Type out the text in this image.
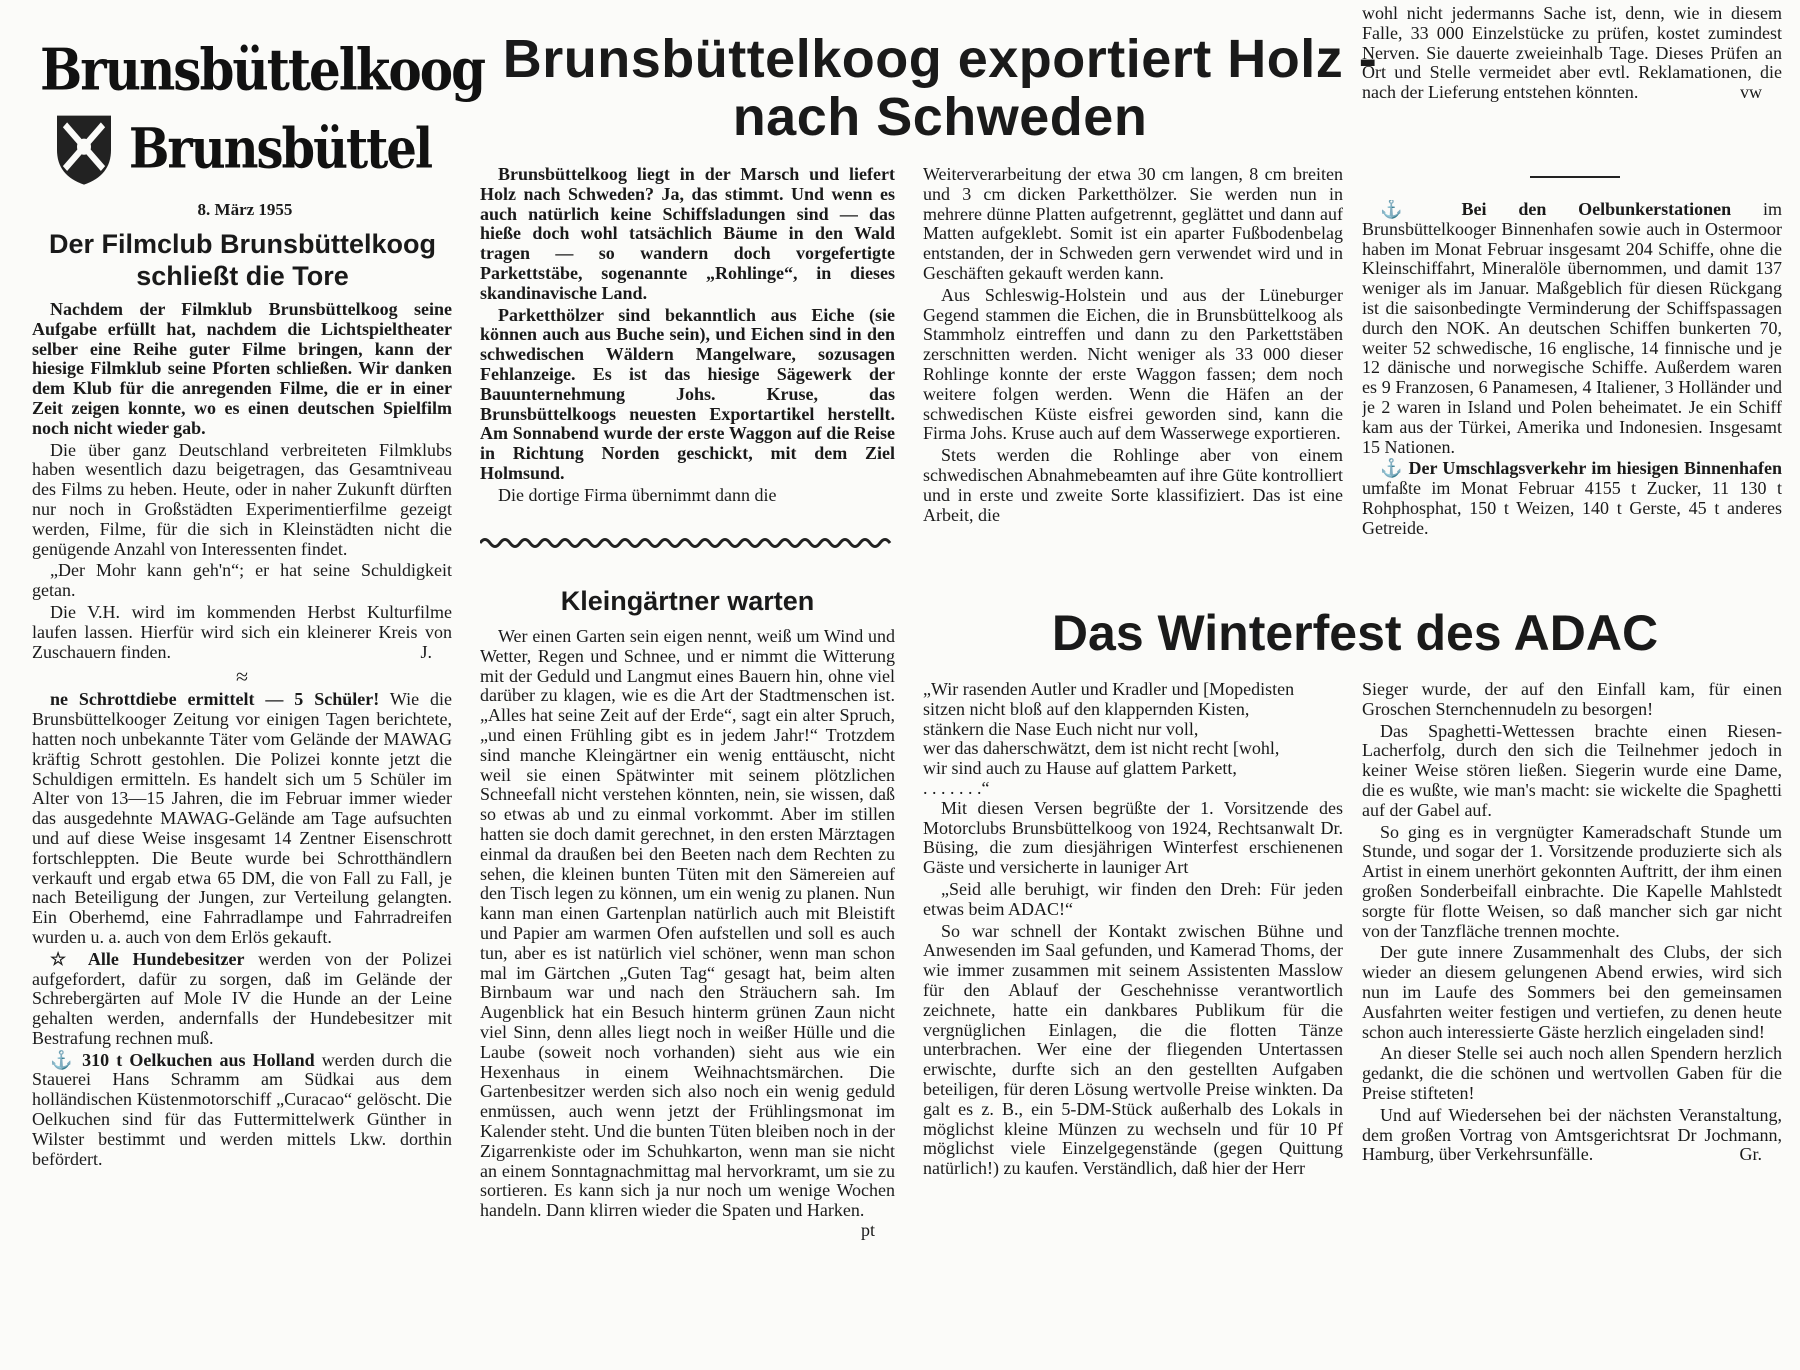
Brunsbüttelkoog
Brunsbüttel
8. März 1955
Brunsbüttelkoog exportiert Holz - nach Schweden
Der Filmclub Brunsbüttelkoog schließt die Tore
Kleingärtner warten
Das Winterfest des ADAC

Nachdem der Filmklub Brunsbüttelkoog seine Aufgabe erfüllt hat, nachdem die Lichtspieltheater selber eine Reihe guter Filme bringen, kann der hiesige Filmklub seine Pforten schließen. Wir danken dem Klub für die anregenden Filme, die er in einer Zeit zeigen konnte, wo es einen deutschen Spielfilm noch nicht wieder gab.

Die über ganz Deutschland verbreiteten Filmklubs haben wesentlich dazu beigetragen, das Gesamtniveau des Films zu heben. Heute, oder in naher Zukunft dürften nur noch in Großstädten Experimentierfilme gezeigt werden, Filme, für die sich in Kleinstädten nicht die genügende Anzahl von Interessenten findet.

„Der Mohr kann geh'n“; er hat seine Schuldigkeit getan.

Die V.H. wird im kommenden Herbst Kulturfilme laufen lassen. Hierfür wird sich ein kleinerer Kreis von Zuschauern finden.	J.

≈

ne Schrottdiebe ermittelt — 5 Schüler! Wie die Brunsbüttelkooger Zeitung vor einigen Tagen berichtete, hatten noch unbekannte Täter vom Gelände der MAWAG kräftig Schrott gestohlen. Die Polizei konnte jetzt die Schuldigen ermitteln. Es handelt sich um 5 Schüler im Alter von 13—15 Jahren, die im Februar immer wieder das ausgedehnte MAWAG-Gelände am Tage aufsuchten und auf diese Weise insgesamt 14 Zentner Eisenschrott fortschleppten. Die Beute wurde bei Schrotthändlern verkauft und ergab etwa 65 DM, die von Fall zu Fall, je nach Beteiligung der Jungen, zur Verteilung gelangten. Ein Oberhemd, eine Fahrradlampe und Fahrradreifen wurden u. a. auch von dem Erlös gekauft.

☆ Alle Hundebesitzer werden von der Polizei aufgefordert, dafür zu sorgen, daß im Gelände der Schrebergärten auf Mole IV die Hunde an der Leine gehalten werden, andernfalls der Hundebesitzer mit Bestrafung rechnen muß.

⚓ 310 t Oelkuchen aus Holland werden durch die Stauerei Hans Schramm am Südkai aus dem holländischen Küstenmotorschiff „Curacao“ gelöscht. Die Oelkuchen sind für das Futtermittelwerk Günther in Wilster bestimmt und werden mittels Lkw. dorthin befördert.

Brunsbüttelkoog liegt in der Marsch und liefert Holz nach Schweden? Ja, das stimmt. Und wenn es auch natürlich keine Schiffsladungen sind — das hieße doch wohl tatsächlich Bäume in den Wald tragen — so wandern doch vorgefertigte Parkettstäbe, sogenannte „Rohlinge“, in dieses skandinavische Land.

Parketthölzer sind bekanntlich aus Eiche (sie können auch aus Buche sein), und Eichen sind in den schwedischen Wäldern Mangelware, sozusagen Fehlanzeige. Es ist das hiesige Sägewerk der Bauunternehmung Johs. Kruse, das Brunsbüttelkoogs neuesten Exportartikel herstellt. Am Sonnabend wurde der erste Waggon auf die Reise in Richtung Norden geschickt, mit dem Ziel Holmsund.

Die dortige Firma übernimmt dann die

Wer einen Garten sein eigen nennt, weiß um Wind und Wetter, Regen und Schnee, und er nimmt die Witterung mit der Geduld und Langmut eines Bauern hin, ohne viel darüber zu klagen, wie es die Art der Stadtmenschen ist. „Alles hat seine Zeit auf der Erde“, sagt ein alter Spruch, „und einen Frühling gibt es in jedem Jahr!“ Trotzdem sind manche Kleingärtner ein wenig enttäuscht, nicht weil sie einen Spätwinter mit seinem plötzlichen Schneefall nicht verstehen könnten, nein, sie wissen, daß so etwas ab und zu einmal vorkommt. Aber im stillen hatten sie doch damit gerechnet, in den ersten Märztagen einmal da draußen bei den Beeten nach dem Rechten zu sehen, die kleinen bunten Tüten mit den Sämereien auf den Tisch legen zu können, um ein wenig zu planen. Nun kann man einen Gartenplan natürlich auch mit Bleistift und Papier am warmen Ofen aufstellen und soll es auch tun, aber es ist natürlich viel schöner, wenn man schon mal im Gärtchen „Guten Tag“ gesagt hat, beim alten Birnbaum war und nach den Sträuchern sah. Im Augenblick hat ein Besuch hinterm grünen Zaun nicht viel Sinn, denn alles liegt noch in weißer Hülle und die Laube (soweit noch vorhanden) sieht aus wie ein Hexenhaus in einem Weihnachtsmärchen. Die Gartenbesitzer werden sich also noch ein wenig geduld enmüssen, auch wenn jetzt der Frühlingsmonat im Kalender steht. Und die bunten Tüten bleiben noch in der Zigarrenkiste oder im Schuhkarton, wenn man sie nicht an einem Sonntagnachmittag mal hervorkramt, um sie zu sortieren. Es kann sich ja nur noch um wenige Wochen handeln. Dann klirren wieder die Spaten und Harken.
pt

Weiterverarbeitung der etwa 30 cm langen, 8 cm breiten und 3 cm dicken Parketthölzer. Sie werden nun in mehrere dünne Platten aufgetrennt, geglättet und dann auf Matten aufgeklebt. Somit ist ein aparter Fußbodenbelag entstanden, der in Schweden gern verwendet wird und in Geschäften gekauft werden kann.

Aus Schleswig-Holstein und aus der Lüneburger Gegend stammen die Eichen, die in Brunsbüttelkoog als Stammholz eintreffen und dann zu den Parkettstäben zerschnitten werden. Nicht weniger als 33 000 dieser Rohlinge konnte der erste Waggon fassen; dem noch weitere folgen werden. Wenn die Häfen an der schwedischen Küste eisfrei geworden sind, kann die Firma Johs. Kruse auch auf dem Wasserwege exportieren.

Stets werden die Rohlinge aber von einem schwedischen Abnahmebeamten auf ihre Güte kontrolliert und in erste und zweite Sorte klassifiziert. Das ist eine Arbeit, die

„Wir rasenden Autler und Kradler und [Mopedisten

sitzen nicht bloß auf den klappernden Kisten,

stänkern die Nase Euch nicht nur voll,

wer das daherschwätzt, dem ist nicht recht [wohl,

wir sind auch zu Hause auf glattem Parkett,

. . . . . . .“

Mit diesen Versen begrüßte der 1. Vorsitzende des Motorclubs Brunsbüttelkoog von 1924, Rechtsanwalt Dr. Büsing, die zum diesjährigen Winterfest erschienenen Gäste und versicherte in launiger Art

„Seid alle beruhigt, wir finden den Dreh: Für jeden etwas beim ADAC!“

So war schnell der Kontakt zwischen Bühne und Anwesenden im Saal gefunden, und Kamerad Thoms, der wie immer zusammen mit seinem Assistenten Masslow für den Ablauf der Geschehnisse verantwortlich zeichnete, hatte ein dankbares Publikum für die vergnüglichen Einlagen, die die flotten Tänze unterbrachen. Wer eine der fliegenden Untertassen erwischte, durfte sich an den gestellten Aufgaben beteiligen, für deren Lösung wertvolle Preise winkten. Da galt es z. B., ein 5-DM-Stück außerhalb des Lokals in möglichst kleine Münzen zu wechseln und für 10 Pf möglichst viele Einzelgegenstände (gegen Quittung natürlich!) zu kaufen. Verständlich, daß hier der Herr

wohl nicht jedermanns Sache ist, denn, wie in diesem Falle, 33 000 Einzelstücke zu prüfen, kostet zumindest Nerven. Sie dauerte zweieinhalb Tage. Dieses Prüfen an Ort und Stelle vermeidet aber evtl. Reklamationen, die nach der Lieferung entstehen könnten.	vw

⚓ Bei den Oelbunkerstationen im Brunsbüttelkooger Binnenhafen sowie auch in Ostermoor haben im Monat Februar insgesamt 204 Schiffe, ohne die Kleinschiffahrt, Mineralöle übernommen, und damit 137 weniger als im Januar. Maßgeblich für diesen Rückgang ist die saisonbedingte Verminderung der Schiffspassagen durch den NOK. An deutschen Schiffen bunkerten 70, weiter 52 schwedische, 16 englische, 14 finnische und je 12 dänische und norwegische Schiffe. Außerdem waren es 9 Franzosen, 6 Panamesen, 4 Italiener, 3 Holländer und je 2 waren in Island und Polen beheimatet. Je ein Schiff kam aus der Türkei, Amerika und Indonesien. Insgesamt 15 Nationen.

⚓ Der Umschlagsverkehr im hiesigen Binnenhafen umfaßte im Monat Februar 4155 t Zucker, 11 130 t Rohphosphat, 150 t Weizen, 140 t Gerste, 45 t anderes Getreide.

Sieger wurde, der auf den Einfall kam, für einen Groschen Sternchennudeln zu besorgen!

Das Spaghetti-Wettessen brachte einen Riesen-Lacherfolg, durch den sich die Teilnehmer jedoch in keiner Weise stören ließen. Siegerin wurde eine Dame, die es wußte, wie man's macht: sie wickelte die Spaghetti auf der Gabel auf.

So ging es in vergnügter Kameradschaft Stunde um Stunde, und sogar der 1. Vorsitzende produzierte sich als Artist in einem unerhört gekonnten Auftritt, der ihm einen großen Sonderbeifall einbrachte. Die Kapelle Mahlstedt sorgte für flotte Weisen, so daß mancher sich gar nicht von der Tanzfläche trennen mochte.

Der gute innere Zusammenhalt des Clubs, der sich wieder an diesem gelungenen Abend erwies, wird sich nun im Laufe des Sommers bei den gemeinsamen Ausfahrten weiter festigen und vertiefen, zu denen heute schon auch interessierte Gäste herzlich eingeladen sind!

An dieser Stelle sei auch noch allen Spendern herzlich gedankt, die die schönen und wertvollen Gaben für die Preise stifteten!

Und auf Wiedersehen bei der nächsten Veranstaltung, dem großen Vortrag von Amtsgerichtsrat Dr Jochmann, Hamburg, über Verkehrsunfälle.	Gr.
